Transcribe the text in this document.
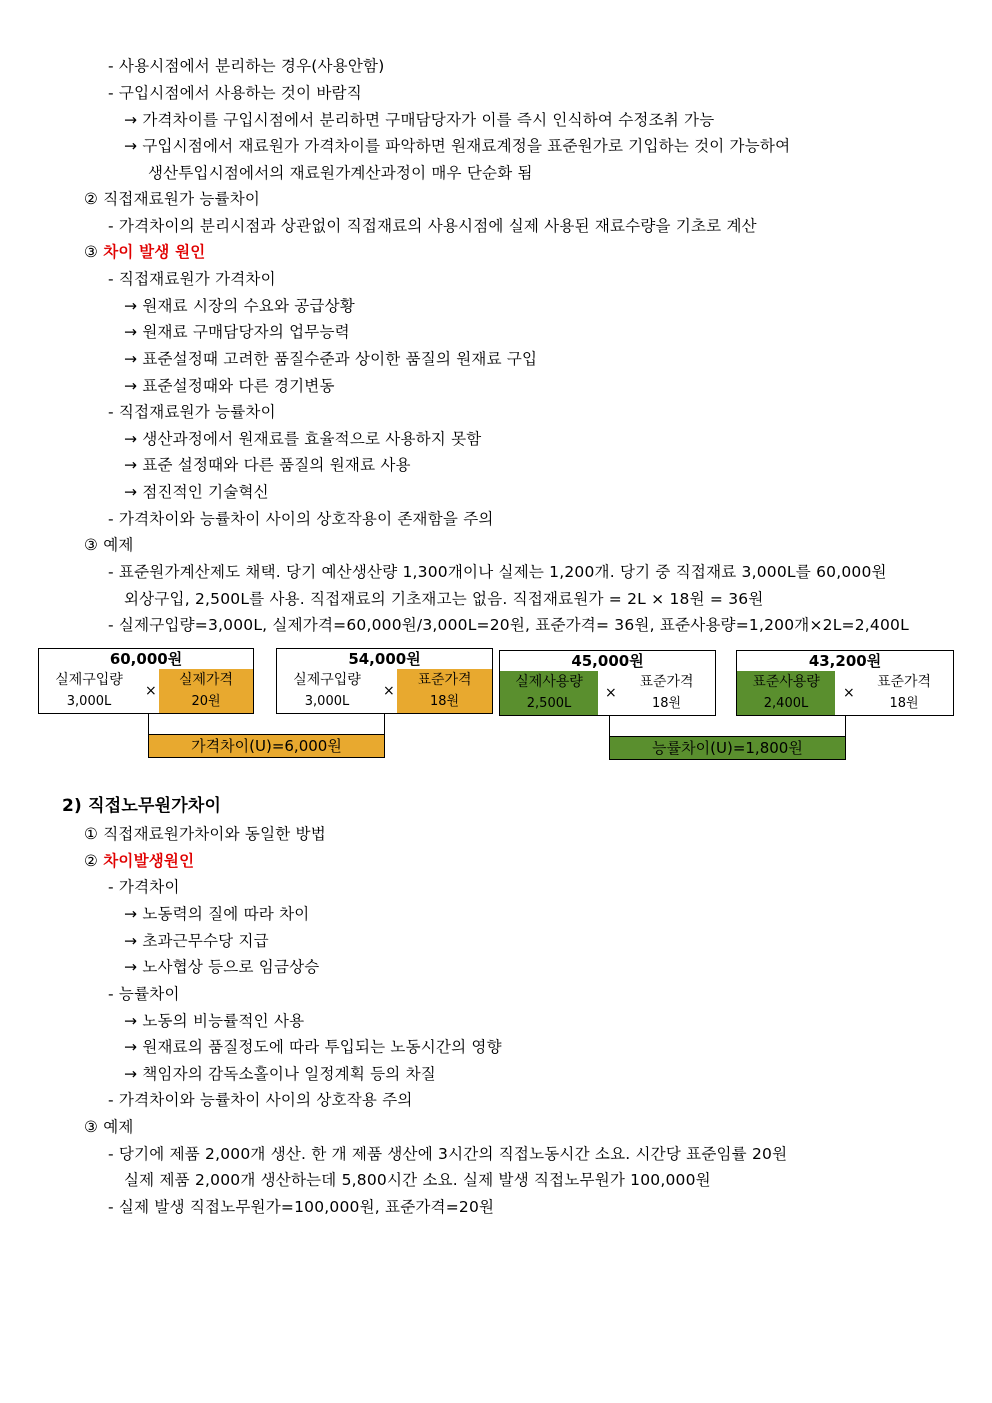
- 사용시점에서 분리하는 경우(사용안함)
- 구입시점에서 사용하는 것이 바람직
→ 가격차이를 구입시점에서 분리하면 구매담당자가 이를 즉시 인식하여 수정조취 가능
→ 구입시점에서 재료원가 가격차이를 파악하면 원재료계정을 표준원가로 기입하는 것이 가능하여
생산투입시점에서의 재료원가계산과정이 매우 단순화 됨
② 직접재료원가 능률차이
- 가격차이의 분리시점과 상관없이 직접재료의 사용시점에 실제 사용된 재료수량을 기초로 계산
③ 차이 발생 원인
- 직접재료원가 가격차이
→ 원재료 시장의 수요와 공급상황
→ 원재료 구매담당자의 업무능력
→ 표준설정때 고려한 품질수준과 상이한 품질의 원재료 구입
→ 표준설정때와 다른 경기변동
- 직접재료원가 능률차이
→ 생산과정에서 원재료를 효율적으로 사용하지 못함
→ 표준 설정때와 다른 품질의 원재료 사용
→ 점진적인 기술혁신
- 가격차이와 능률차이 사이의 상호작용이 존재함을 주의
③ 예제
- 표준원가계산제도 채택. 당기 예산생산량 1,300개이나 실제는 1,200개. 당기 중 직접재료 3,000L를 60,000원
외상구입, 2,500L를 사용. 직접재료의 기초재고는 없음. 직접재료원가 = 2L × 18원 = 36원
- 실제구입량=3,000L, 실제가격=60,000원/3,000L=20원, 표준가격= 36원, 표준사용량=1,200개×2L=2,400L
60,000원
실제구입량
3,000L
×
실제가격
20원
54,000원
실제구입량
3,000L
×
표준가격
18원
45,000원
실제사용량
2,500L
×
표준가격
18원
43,200원
표준사용량
2,400L
×
표준가격
18원
가격차이(U)=6,000원	능률차이(U)=1,800원
2) 직접노무원가차이
① 직접재료원가차이와 동일한 방법
② 차이발생원인
- 가격차이
→ 노동력의 질에 따라 차이
→ 초과근무수당 지급
→ 노사협상 등으로 임금상승
- 능률차이
→ 노동의 비능률적인 사용
→ 원재료의 품질정도에 따라 투입되는 노동시간의 영향
→ 책임자의 감독소홀이나 일정계획 등의 차질
- 가격차이와 능률차이 사이의 상호작용 주의
③ 예제
- 당기에 제품 2,000개 생산. 한 개 제품 생산에 3시간의 직접노동시간 소요. 시간당 표준임률 20원
실제 제품 2,000개 생산하는데 5,800시간 소요. 실제 발생 직접노무원가 100,000원
- 실제 발생 직접노무원가=100,000원, 표준가격=20원
